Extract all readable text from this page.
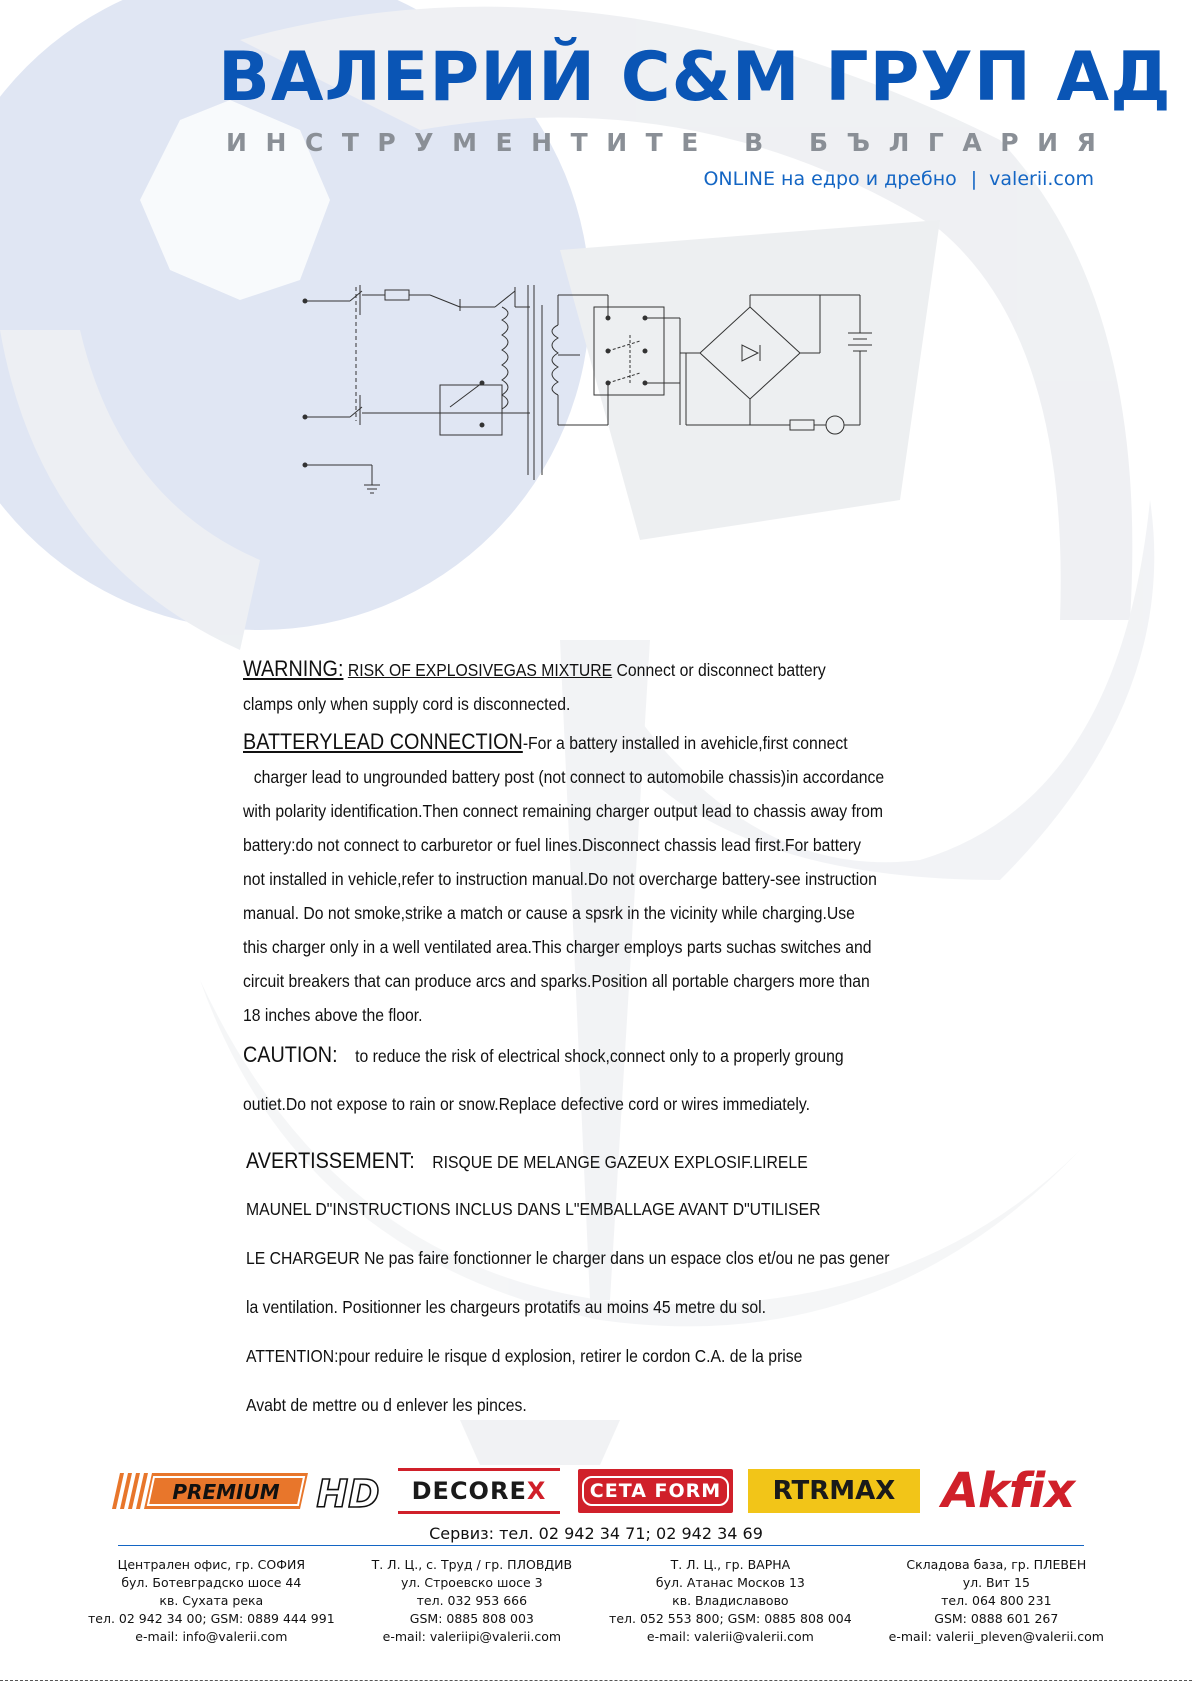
ВАЛЕРИЙ С&М ГРУП АД
И Н С Т Р У М Е Н Т И Т Е
В
Б Ъ Л Г А Р И Я
ONLINE на едро и дребно | valerii.com

WARNING: RISK OF EXPLOSIVEGAS MIXTURE Connect or disconnect battery

clamps only when supply cord is disconnected.

BATTERYLEAD CONNECTION-For a battery installed in avehicle,first connect

charger lead to ungrounded battery post (not connect to automobile chassis)in accordance

with polarity identification.Then connect remaining charger output lead to chassis away from

battery:do not connect to carburetor or fuel lines.Disconnect chassis lead first.For battery

not installed in vehicle,refer to instruction manual.Do not overcharge battery-see instruction

manual. Do not smoke,strike a match or cause a spsrk in the vicinity while charging.Use

this charger only in a well ventilated area.This charger employs parts suchas switches and

circuit breakers that can produce arcs and sparks.Position all portable chargers more than

18 inches above the floor.

CAUTION: to reduce the risk of electrical shock,connect only to a properly groung

outiet.Do not expose to rain or snow.Replace defective cord or wires immediately.

AVERTISSEMENT: RISQUE DE MELANGE GAZEUX EXPLOSIF.LIRELE

MAUNEL D"INSTRUCTIONS INCLUS DANS L"EMBALLAGE AVANT D"UTILISER

LE CHARGEUR Ne pas faire fonctionner le charger dans un espace clos et/ou ne pas gener

la ventilation. Positionner les chargeurs protatifs au moins 45 metre du sol.

ATTENTION:pour reduire le risque d explosion, retirer le cordon C.A. de la prise

Avabt de mettre ou d enlever les pinces.

PREMIUM HD DECOREX	CETA FORM	RTRMAX Akfix
Сервиз: тел. 02 942 34 71; 02 942 34 69
Централен офис, гр. СОФИЯ
бул. Ботевградско шосе 44
кв. Сухата река
тел. 02 942 34 00; GSM: 0889 444 991
e-mail: info@valerii.com
Т. Л. Ц., с. Труд / гр. ПЛОВДИВ
ул. Строевско шосе 3
тел. 032 953 666
GSM: 0885 808 003
e-mail: valeriipi@valerii.com
Т. Л. Ц., гр. ВАРНА
бул. Атанас Москов 13
кв. Владиславово
тел. 052 553 800; GSM: 0885 808 004
e-mail: valerii@valerii.com
Складова база, гр. ПЛЕВЕН
ул. Вит 15
тел. 064 800 231
GSM: 0888 601 267
e-mail: valerii_pleven@valerii.com
